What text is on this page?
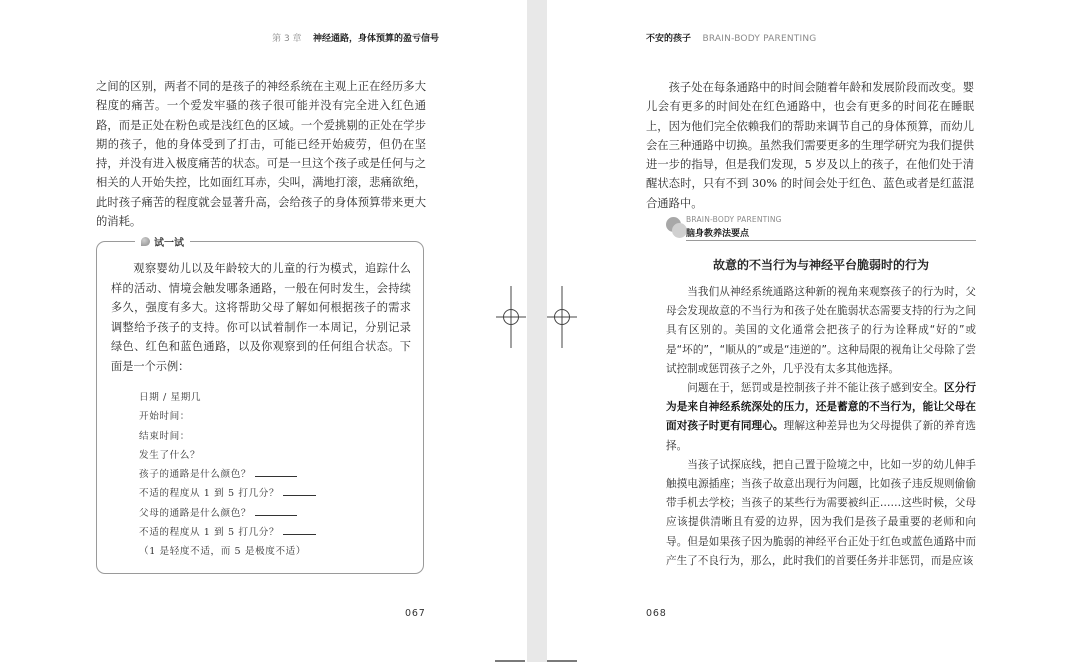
第 3 章 神经通路，身体预算的盈亏信号

之间的区别，两者不同的是孩子的神经系统在主观上正在经历多大程度的痛苦。一个爱发牢骚的孩子很可能并没有完全进入红色通路，而是正处在粉色或是浅红色的区域。一个爱挑剔的正处在学步期的孩子，他的身体受到了打击，可能已经开始疲劳，但仍在坚持，并没有进入极度痛苦的状态。可是一旦这个孩子或是任何与之相关的人开始失控，比如面红耳赤，尖叫，满地打滚，悲痛欲绝，此时孩子痛苦的程度就会显著升高，会给孩子的身体预算带来更大的消耗。

试一试

观察婴幼儿以及年龄较大的儿童的行为模式，追踪什么样的活动、情境会触发哪条通路，一般在何时发生，会持续多久，强度有多大。这将帮助父母了解如何根据孩子的需求调整给予孩子的支持。你可以试着制作一本周记，分别记录绿色、红色和蓝色通路，以及你观察到的任何组合状态。下面是一个示例：

日期 / 星期几
开始时间：
结束时间：
发生了什么？
孩子的通路是什么颜色？
不适的程度从 1 到 5 打几分？
父母的通路是什么颜色？
不适的程度从 1 到 5 打几分？
（1 是轻度不适，而 5 是极度不适）
067
不安的孩子 BRAIN-BODY PARENTING

孩子处在每条通路中的时间会随着年龄和发展阶段而改变。婴儿会有更多的时间处在红色通路中，也会有更多的时间花在睡眠上，因为他们完全依赖我们的帮助来调节自己的身体预算，而幼儿会在三种通路中切换。虽然我们需要更多的生理学研究为我们提供进一步的指导，但是我们发现，5 岁及以上的孩子，在他们处于清醒状态时，只有不到 30% 的时间会处于红色、蓝色或者是红蓝混合通路中。

BRAIN-BODY PARENTING
脑身教养法要点
故意的不当行为与神经平台脆弱时的行为

当我们从神经系统通路这种新的视角来观察孩子的行为时，父母会发现故意的不当行为和孩子处在脆弱状态需要支持的行为之间具有区别的。美国的文化通常会把孩子的行为诠释成“好的”或是“坏的”，“顺从的”或是“违逆的”。这种局限的视角让父母除了尝试控制或惩罚孩子之外，几乎没有太多其他选择。

问题在于，惩罚或是控制孩子并不能让孩子感到安全。区分行为是来自神经系统深处的压力，还是蓄意的不当行为，能让父母在面对孩子时更有同理心。理解这种差异也为父母提供了新的养育选择。

当孩子试探底线，把自己置于险境之中，比如一岁的幼儿伸手触摸电源插座；当孩子故意出现行为问题，比如孩子违反规则偷偷带手机去学校；当孩子的某些行为需要被纠正……这些时候，父母应该提供清晰且有爱的边界，因为我们是孩子最重要的老师和向导。但是如果孩子因为脆弱的神经平台正处于红色或蓝色通路中而产生了不良行为，那么，此时我们的首要任务并非惩罚，而是应该

068
